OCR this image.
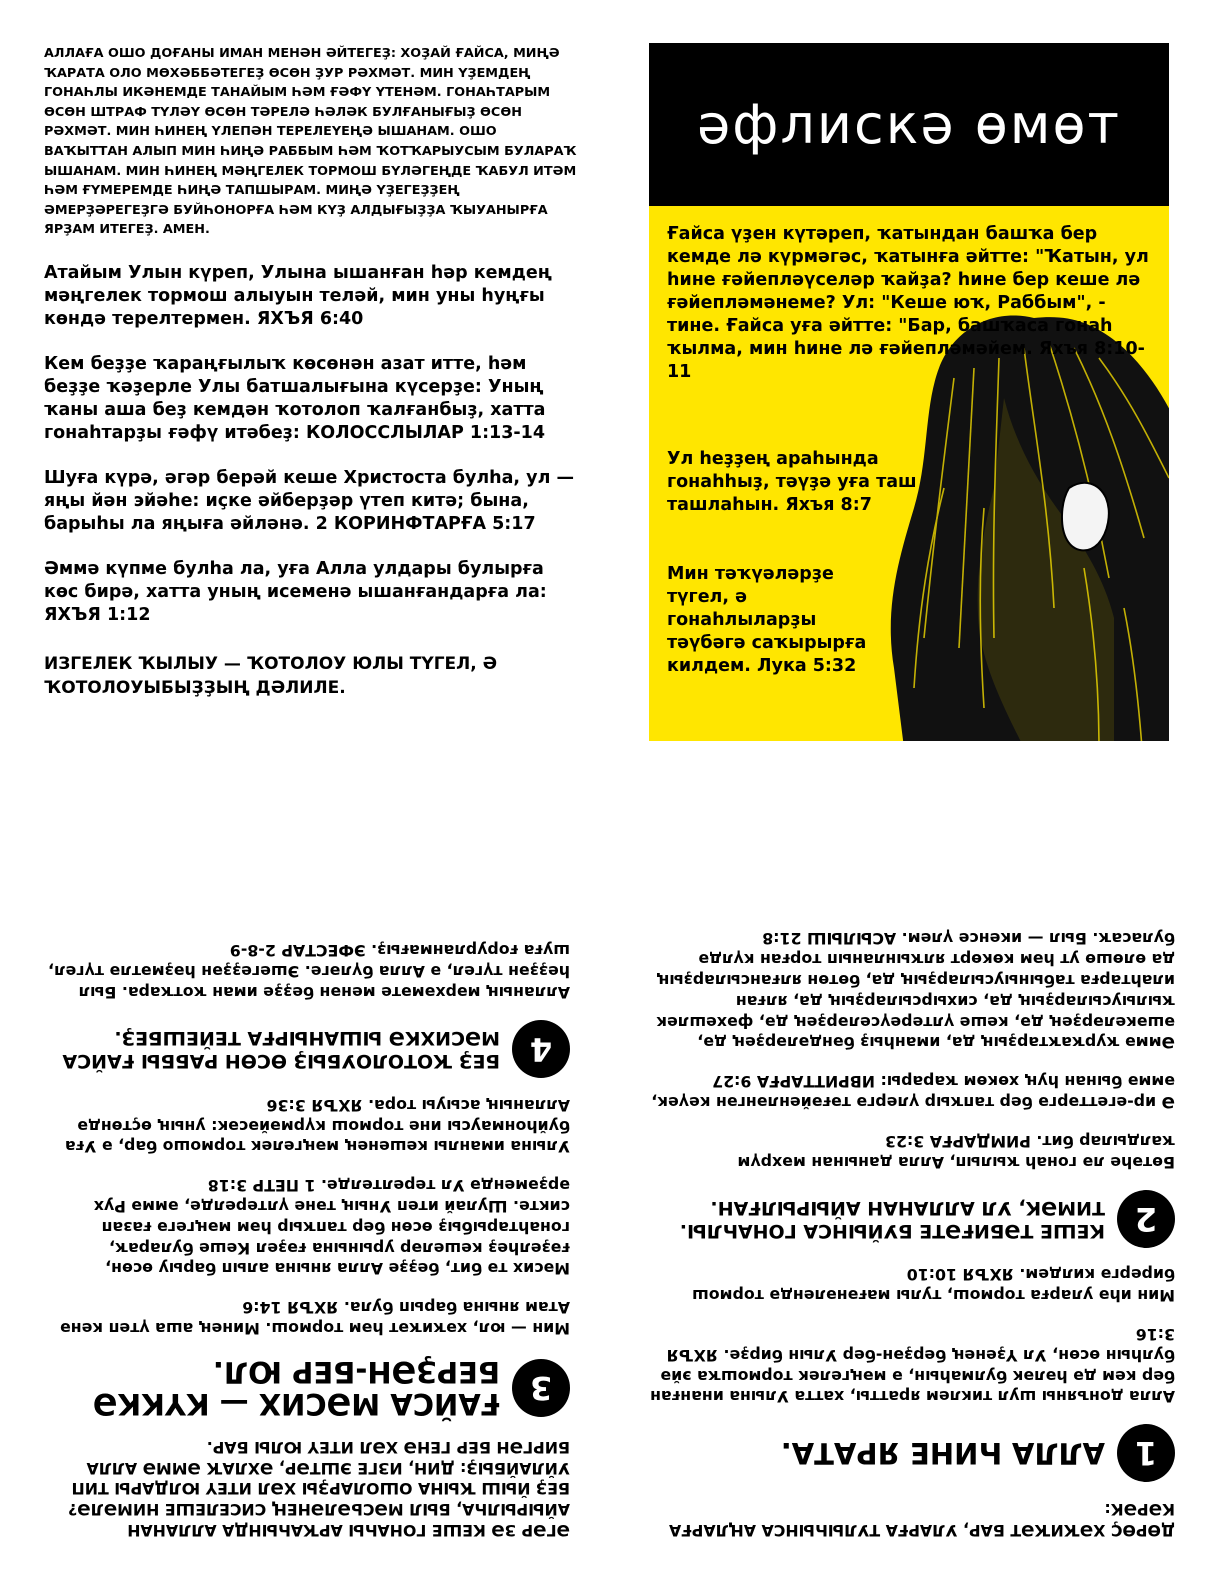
АЛЛАҒА ОШО ДОҒАНЫ ИМАН МЕНӘН ӘЙТЕГЕҘ: ХОҘАЙ ҒАЙСА, МИҢӘ ҠАРАТА ОЛО МӨХӘББӘТЕГЕҘ ӨСӨН ҘУР РӘХМӘТ. МИН ҮҘЕМДЕҢ ГОНАҺЛЫ ИКӘНЕМДЕ ТАНАЙЫМ ҺӘМ ҒӘФҮ ҮТЕНӘМ. ГОНАҺТАРЫМ ӨСӨН ШТРАФ ТҮЛӘҮ ӨСӨН ТӘРЕЛӘ ҺӘЛӘК БУЛҒАНЫҒЫҘ ӨСӨН РӘХМӘТ. МИН ҺИНЕҢ ҮЛЕПӘН ТЕРЕЛЕҮЕҢӘ ЫШАНАМ. ОШО ВАҠЫТТАН АЛЫП МИН ҺИҢӘ РАББЫМ ҺӘМ ҠОТҠАРЫУСЫМ БУЛАРАҠ ЫШАНАМ. МИН ҺИНЕҢ МӘҢГЕЛЕК ТОРМОШ БҮЛӘГЕҢДЕ ҠАБУЛ ИТӘМ ҺӘМ ҒҮМЕРЕМДЕ ҺИҢӘ ТАПШЫРАМ. МИҢӘ ҮҘЕГЕҘҘЕҢ ӘМЕРҘӘРЕГЕҘГӘ БУЙҺОНОРҒА ҺӘМ КҮҘ АЛДЫҒЫҘҘА ҠЫУАНЫРҒА ЯРҘАМ ИТЕГЕҘ. АМЕН.

Атайым Улын күреп, Улына ышанған һәр кемдең мәңгелек тормош алыуын теләй, мин уны һуңғы көндә терелтермен. ЯХЪЯ 6:40

Кем беҙҙе ҡараңғылыҡ көсөнән азат итте, һәм беҙҙе ҡәҙерле Улы батшалығына күсерҙе: Уның ҡаны аша беҙ кемдән ҡотолоп ҡалғанбыҙ, хатта гонаһтарҙы ғәфү итәбеҙ: КОЛОССЛЫЛАР 1:13-14

Шуға күрә, әгәр берәй кеше Христоста булһа, ул — яңы йән эйәһе: иҫке әйберҙәр үтеп китә; бына, барыһы ла яңыға әйләнә. 2 КОРИНФТАРҒА 5:17

Әммә күпме булһа ла, уға Алла улдары булырға көс бирә, хатта уның исеменә ышанғандарға ла: ЯХЪЯ 1:12

ИЗГЕЛЕК ҠЫЛЫУ — ҠОТОЛОУ ЮЛЫ ТҮГЕЛ, Ә ҠОТОЛОУЫБЫҘҘЫҢ ДӘЛИЛЕ.

әфлискә өмөт

Ғайса үҙен күтәреп, ҡатындан башҡа бер кемде лә күрмәгәс, ҡатынға әйтте: "Ҡатын, ул һине ғәйепләүселәр ҡайҙа? һине бер кеше лә ғәйепләмәнеме? Ул: "Кеше юҡ, Раббым", - тине. Ғайса уға әйтте: "Бар, башҡаса гонаһ ҡылма, мин һине лә ғәйепләмәйем. Яхъя 8:10-11

Ул һеҙҙең араһында гонаһһыҙ, тәүҙә уға таш ташлаһын. Яхъя 8:7

Мин тәҡүәләрҙе түгел, ә гонаһлыларҙы тәүбәгә саҡырырға килдем. Лука 5:32

ӘГӘР ЗӘ КЕШЕ ГОНАҺЫ АРҠАҺЫНДА АЛЛАНАН АЙЫРЫЛҺА, БЫЛ МӘСЬӘЛӘНЕҢ СИСЕЛЕШЕ НИМӘЛӘ? БЕҘ ЙЫШ ҠЫНА ОШОЛАРҘЫ ХӘЛ ИТЕҮ ЮЛДАРЫ ТИП УЙЛАЙБЫҘ: ДИН, ИЗГЕ ЭШТӘР, ӘХЛАҠ ӘММӘ АЛЛА БИРГӘН БЕР ГЕНӘ ХӘЛ ИТЕҮ ЮЛЫ БАР.

3
ҒАЙСА МӘСИХ — КҮККӘ БЕРҘӘН-БЕР ЮЛ.

Мин — юл, хәҡиҡәт һәм тормош. Минең аша үтеп кенә Атам янына барып була. ЯХЪЯ 14:6

Мәсих тә бит, беҙҙе Алла янына алып барыу өсөн, ғәҙелһеҙ кешеләр урынына ғәҙел Кеше булараҡ, гонаһтарыбыҙ өсөн бер тапҡыр һәм мәңгегә ғазап сикте. Шулай итеп Уның тәне үлтерелде, әммә Рух әрҙәмендә Ул терелтелде. 1 ПЕТР 3:18

Улына иманлы кешенең мәңгелек тормошо бар, ә Уға буйһонмаусы ине тормош күрмәйәсәк: уның өҫтөндә Алланың асыуы тора. ЯХЪЯ 3:36

4
БЕҘ ҠОТОЛОУБЫҘ ӨСӨН РАББЫ ҒАЙСА МӘСИХКӘ ЫШАНЫРҒА ТЕЙЕШБЕҘ.

Алланың мәрхәмәте менән беҙҙе иман ҡотҡара. Был һеҙҙән түгел, ә Алла бүләге. Эшегеҙҙән һәҙмәтлә түгел, шуға ғорурланмағыҙ. ЭФЕСТАР 2-8-9

ДӨРӨҪ ХӘҠИҠӘТ БАР, УЛАРҒА ТУЛЫҺЫНСА АҢЛАРҒА КӘРӘК:

1
АЛЛА ҺИНЕ ЯРАТА.

Алла донъяны шул тиклем яратты, хатта Улына инанған бер кем дә һәләк булмаһын, ә мәңгелек тормошҡа эйә булһын өсөн, Ул Үҙенең берҙән-бер Улын бирҙе. ЯХЪЯ 3:16

Мин иһә уларға тормош, тулы мағәнәлендә тормош бирергә килдем. ЯХЪЯ 10:10

2
КЕШЕ ТӘБИҒӘТЕ БУЙЫНСА ГОНАҺЛЫ. ТИМӘК, УЛ АЛЛАНАН АЙЫРЫЛҒАН.

Бөтәһе лә гонаһ ҡылып, Алла данынан мәхрүм ҡалдылар бит. РИМДАРҒА 3:23

Ә ир-егеттәргә бер тапҡыр үлергә тәғәйенләнгән кеүек, әммә бынан һуң хөкөм ҡарары: ИВРИТТАРҒА 9:27

Әммә ҡурҡаҡтарҙың да, иманһыҙ бәндәләрҙең дә, әшәкеләрҙең дә, кеше үлтереүселәрҙең дә, фәхешлек ҡылыусыларҙың да, сихырсыларҙың да, ялған илаһтарға табыныусыларҙың да, бөтөн ялғансыларҙың да өлөшө ут һәм көкөрт ялҡынланып торған күлдә буласаҡ. Был — икенсе үлем. АСЫЛЫШ 21:8
